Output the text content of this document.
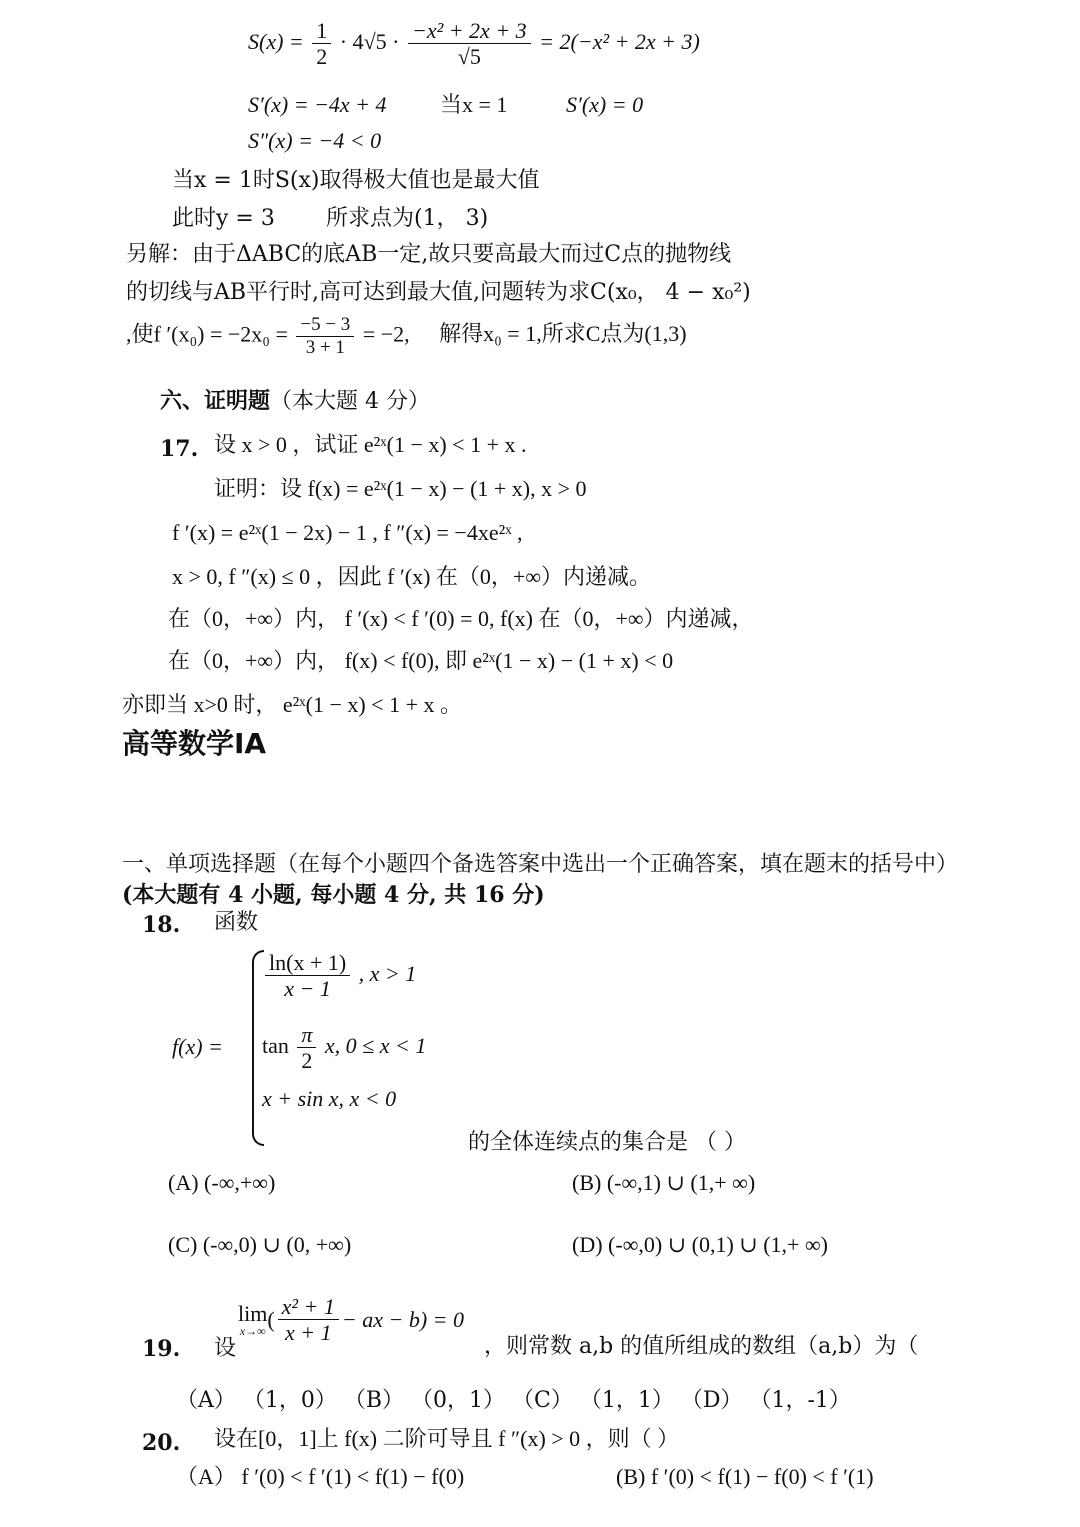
$S(x) = \frac{1}{2} \cdot 4√5 \cdot \frac{\text{−x² + 2x + 3}}{√5} = 2(-x^2 + 2x + 3)$
S′(x) = −4x + 4 当x = 1	S′(x) = 0
S″(x) = −4 < 0
当x = 1时S(x)取得极大值也是最大值
此时y = 3 所求点为(1， 3)
另解：由于ΔABC的底AB一定,故只要高最大而过C点的抛物线
的切线与AB平行时,高可达到最大值,问题转为求C(x₀， 4 − x₀²)
,使f $'(x_0) = -2x_0 = \frac{-5 - 3}{3 + 1} = -2$, 解得x₀ = 1,所求C点为(1,3)
六、证明题（本大题 4 分）
17. 设 x > 0 ，试证 e²ˣ(1 − x) < 1 + x .
证明：设 f(x) = e²ˣ(1 − x) − (1 + x), x > 0
f ′(x) = e²ˣ(1 − 2x) − 1 , f ″(x) = −4xe²ˣ ,
x > 0, f ″(x) ≤ 0 ，因此 f ′(x) 在（0，+∞）内递减。
在（0，+∞）内， f ′(x) < f ′(0) = 0, f(x) 在（0，+∞）内递减，
在（0，+∞）内， f(x) < f(0), 即 e²ˣ(1 − x) − (1 + x) < 0
亦即当 x>0 时， e²ˣ(1 − x) < 1 + x 。
高等数学ⅠA
一、单项选择题（在每个小题四个备选答案中选出一个正确答案，填在题末的括号中）
(本大题有 4 小题, 每小题 4 分, 共 16 分)
18. 函数
f(x) =
$\frac{\ln(x + 1)}{x - 1}$ , x > 1
$\tan \frac{\pi}{2} x$, 0 ≤ x < 1
x + sin x, x < 0
的全体连续点的集合是 （ ）
(A) (-∞,+∞)	(B) (-∞,1) ∪ (1,+ ∞)
(C) (-∞,0) ∪ (0, +∞)	(D) (-∞,0) ∪ (0,1) ∪ (1,+ ∞)
19. 设
lim
x→∞ ( $\frac{\text{x² + 1}}{x + 1}$ − ax − b) = 0
，则常数 a,b 的值所组成的数组（a,b）为（
（A） （1，0） （B） （0，1） （C） （1，1） （D） （1，-1）
20. 设在[0，1]上 f(x) 二阶可导且 f ″(x) > 0 ，则（ ）
（A） f ′(0) < f ′(1) < f(1) − f(0)	(B) f ′(0) < f(1) − f(0) < f ′(1)
